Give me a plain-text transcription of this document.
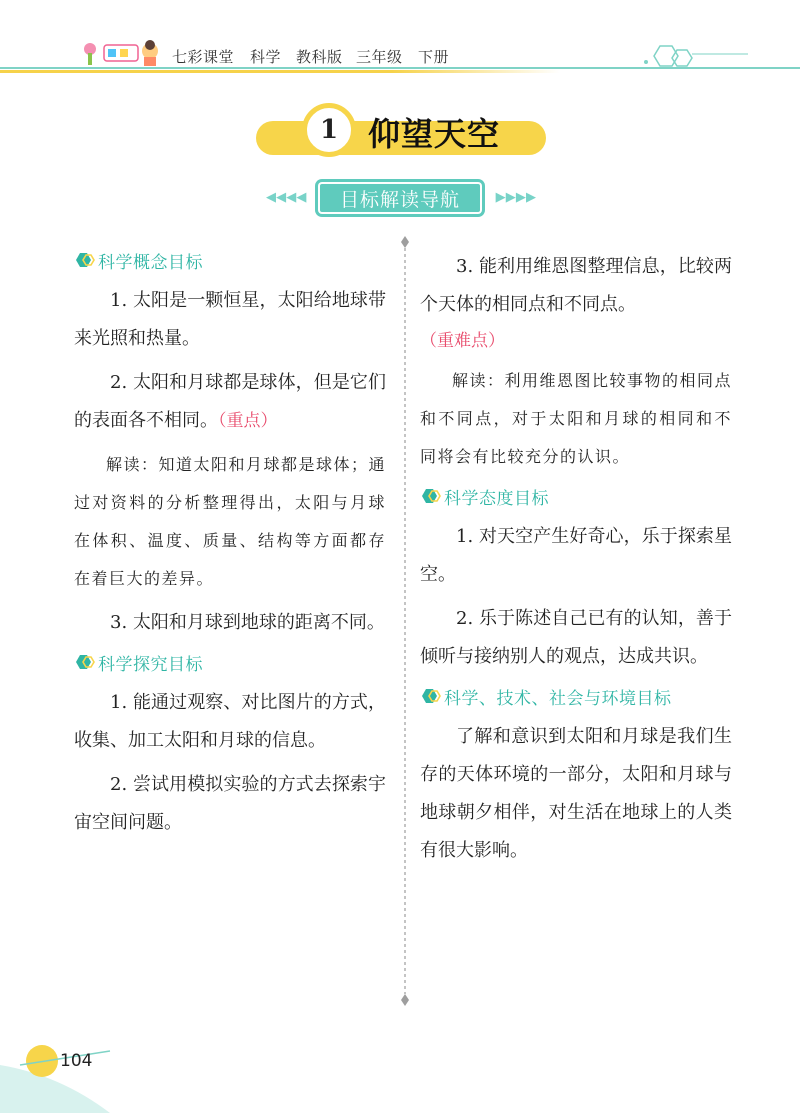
七彩课堂 科学 教科版 三年级 下册
1 仰望天空
◀ ◀ ◀ ◀	目标解读导航	▶ ▶ ▶ ▶
科学概念目标

1. 太阳是一颗恒星，太阳给地球带来光照和热量。

2. 太阳和月球都是球体，但是它们的表面各不相同。（重点）

解读：知道太阳和月球都是球体；通过对资料的分析整理得出，太阳与月球在体积、温度、质量、结构等方面都存在着巨大的差异。

3. 太阳和月球到地球的距离不同。

科学探究目标

1. 能通过观察、对比图片的方式，收集、加工太阳和月球的信息。

2. 尝试用模拟实验的方式去探索宇宙空间问题。

3. 能利用维恩图整理信息，比较两个天体的相同点和不同点。

（重难点）

解读：利用维恩图比较事物的相同点和不同点，对于太阳和月球的相同和不同将会有比较充分的认识。

科学态度目标

1. 对天空产生好奇心，乐于探索星空。

2. 乐于陈述自己已有的认知，善于倾听与接纳别人的观点，达成共识。

科学、技术、社会与环境目标

了解和意识到太阳和月球是我们生存的天体环境的一部分，太阳和月球与地球朝夕相伴，对生活在地球上的人类有很大影响。

104
